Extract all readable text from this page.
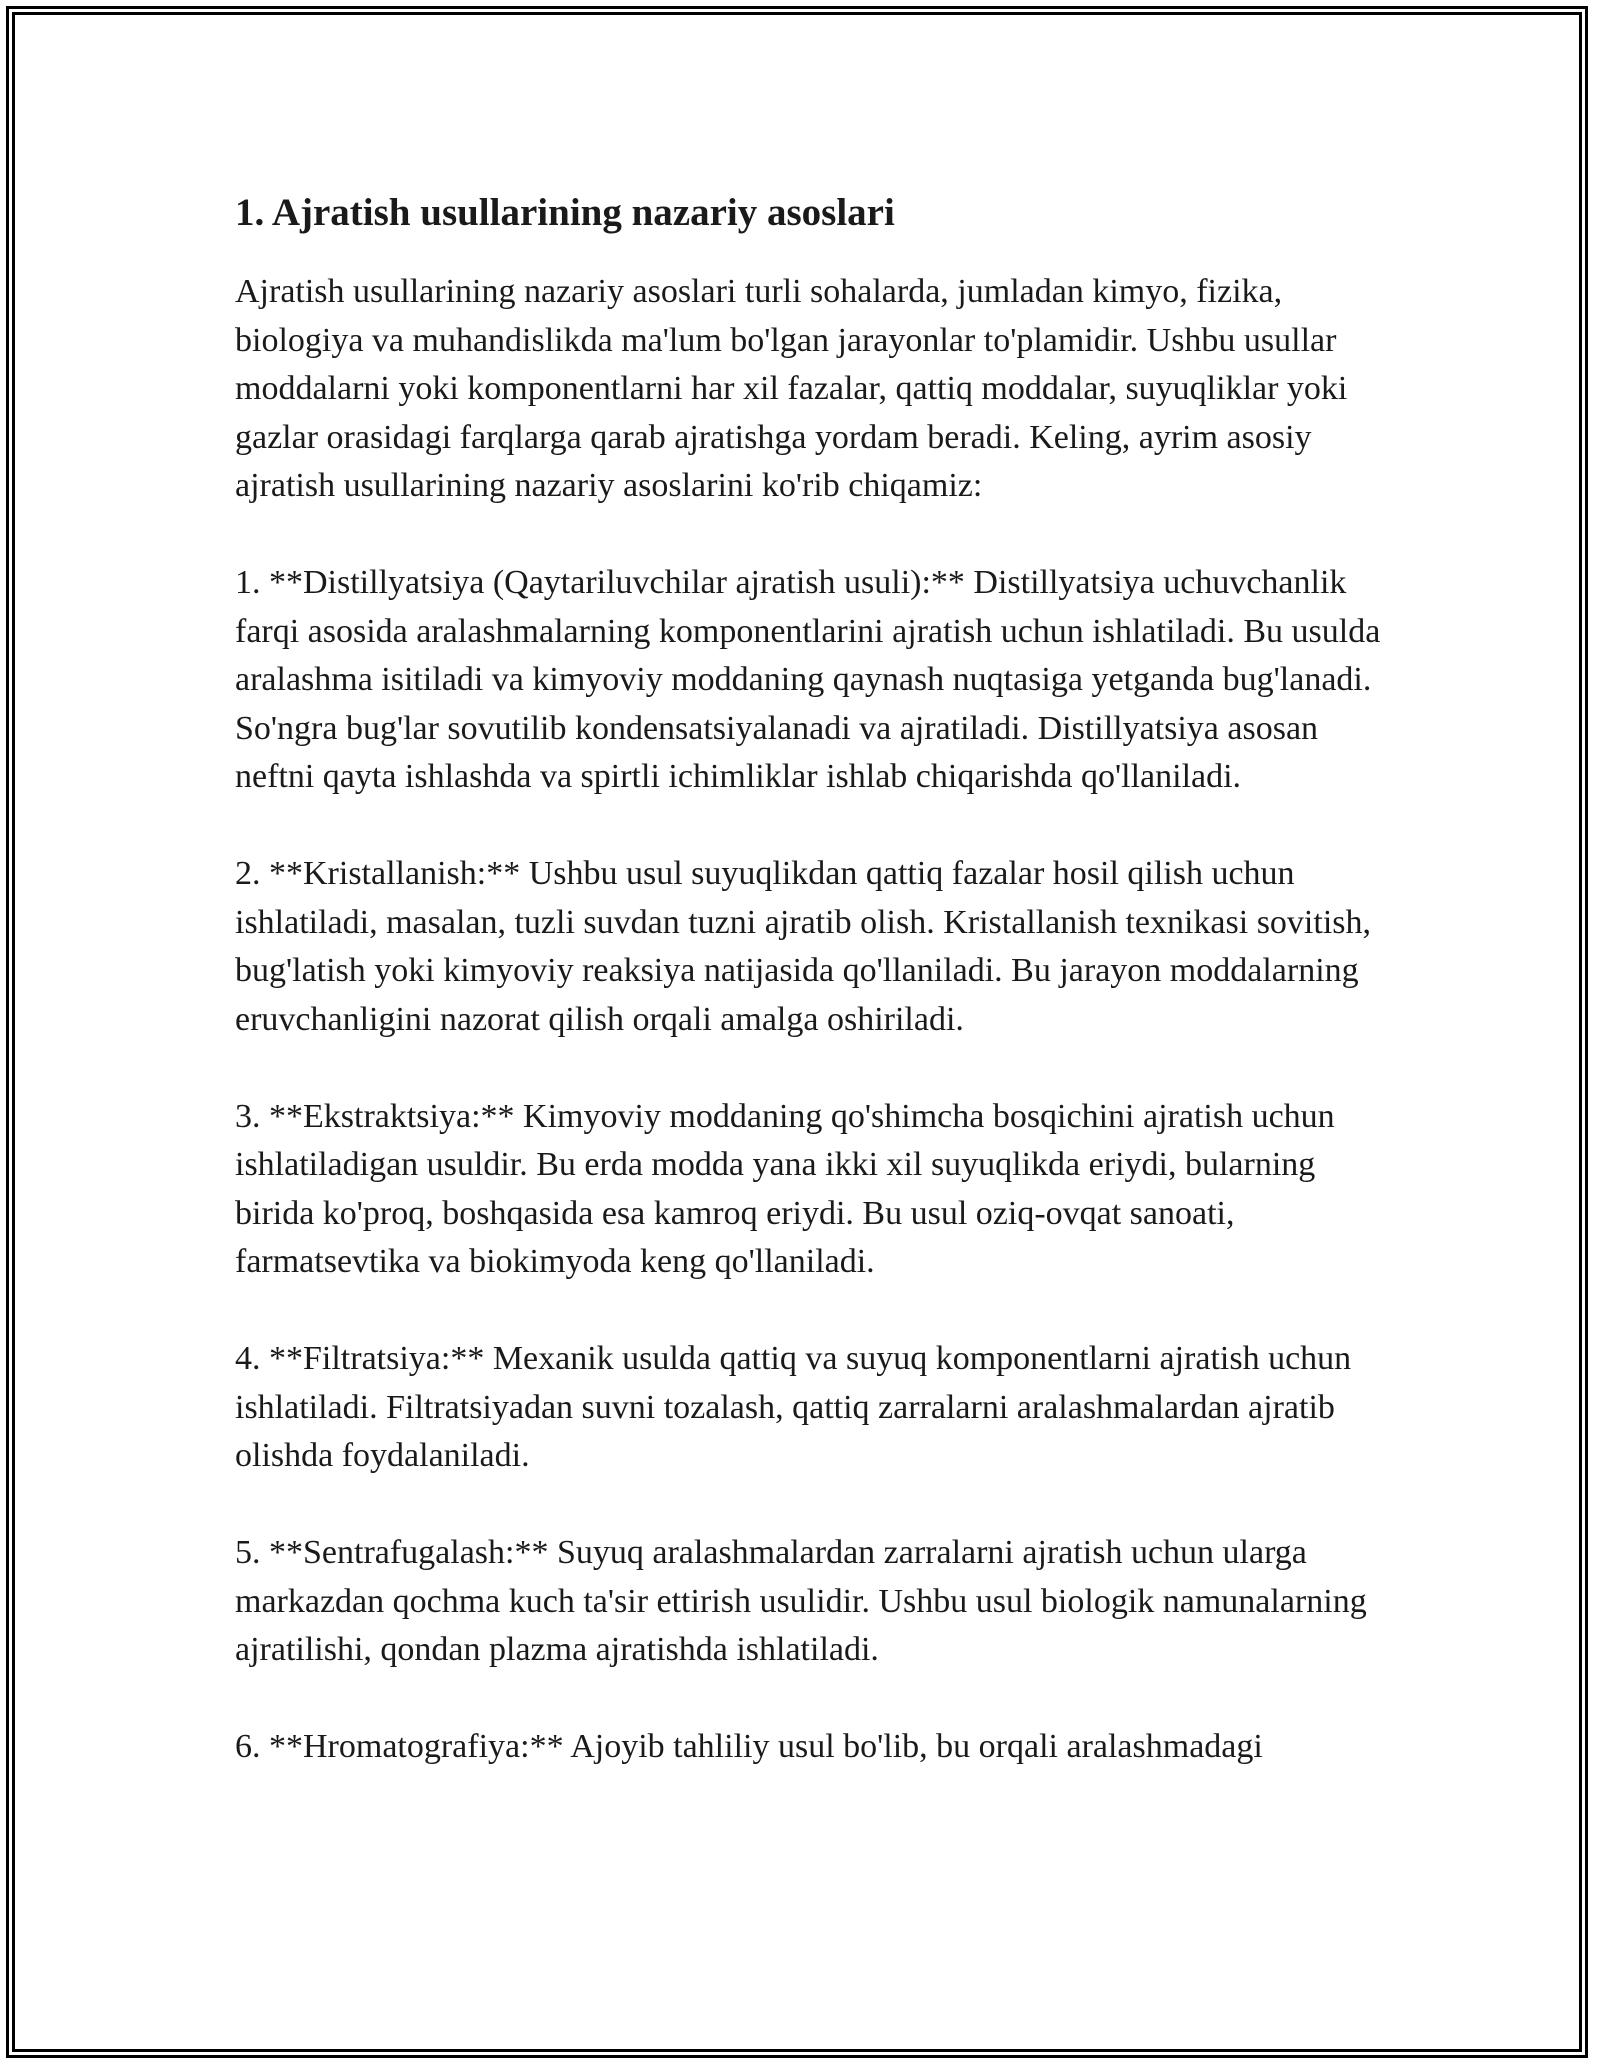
1. Ajratish usullarining nazariy asoslari

Ajratish usullarining nazariy asoslari turli sohalarda, jumladan kimyo, fizika, biologiya va muhandislikda ma'lum bo'lgan jarayonlar to'plamidir. Ushbu usullar moddalarni yoki komponentlarni har xil fazalar, qattiq moddalar, suyuqliklar yoki gazlar orasidagi farqlarga qarab ajratishga yordam beradi. Keling, ayrim asosiy ajratish usullarining nazariy asoslarini ko'rib chiqamiz:

1. **Distillyatsiya (Qaytariluvchilar ajratish usuli):** Distillyatsiya uchuvchanlik farqi asosida aralashmalarning komponentlarini ajratish uchun ishlatiladi. Bu usulda aralashma isitiladi va kimyoviy moddaning qaynash nuqtasiga yetganda bug'lanadi. So'ngra bug'lar sovutilib kondensatsiyalanadi va ajratiladi. Distillyatsiya asosan neftni qayta ishlashda va spirtli ichimliklar ishlab chiqarishda qo'llaniladi.

2. **Kristallanish:** Ushbu usul suyuqlikdan qattiq fazalar hosil qilish uchun ishlatiladi, masalan, tuzli suvdan tuzni ajratib olish. Kristallanish texnikasi sovitish, bug'latish yoki kimyoviy reaksiya natijasida qo'llaniladi. Bu jarayon moddalarning eruvchanligini nazorat qilish orqali amalga oshiriladi.

3. **Ekstraktsiya:** Kimyoviy moddaning qo'shimcha bosqichini ajratish uchun ishlatiladigan usuldir. Bu erda modda yana ikki xil suyuqlikda eriydi, bularning birida ko'proq, boshqasida esa kamroq eriydi. Bu usul oziq-ovqat sanoati, farmatsevtika va biokimyoda keng qo'llaniladi.

4. **Filtratsiya:** Mexanik usulda qattiq va suyuq komponentlarni ajratish uchun ishlatiladi. Filtratsiyadan suvni tozalash, qattiq zarralarni aralashmalardan ajratib olishda foydalaniladi.

5. **Sentrafugalash:** Suyuq aralashmalardan zarralarni ajratish uchun ularga markazdan qochma kuch ta'sir ettirish usulidir. Ushbu usul biologik namunalarning ajratilishi, qondan plazma ajratishda ishlatiladi.

6. **Hromatografiya:** Ajoyib tahliliy usul bo'lib, bu orqali aralashmadagi
